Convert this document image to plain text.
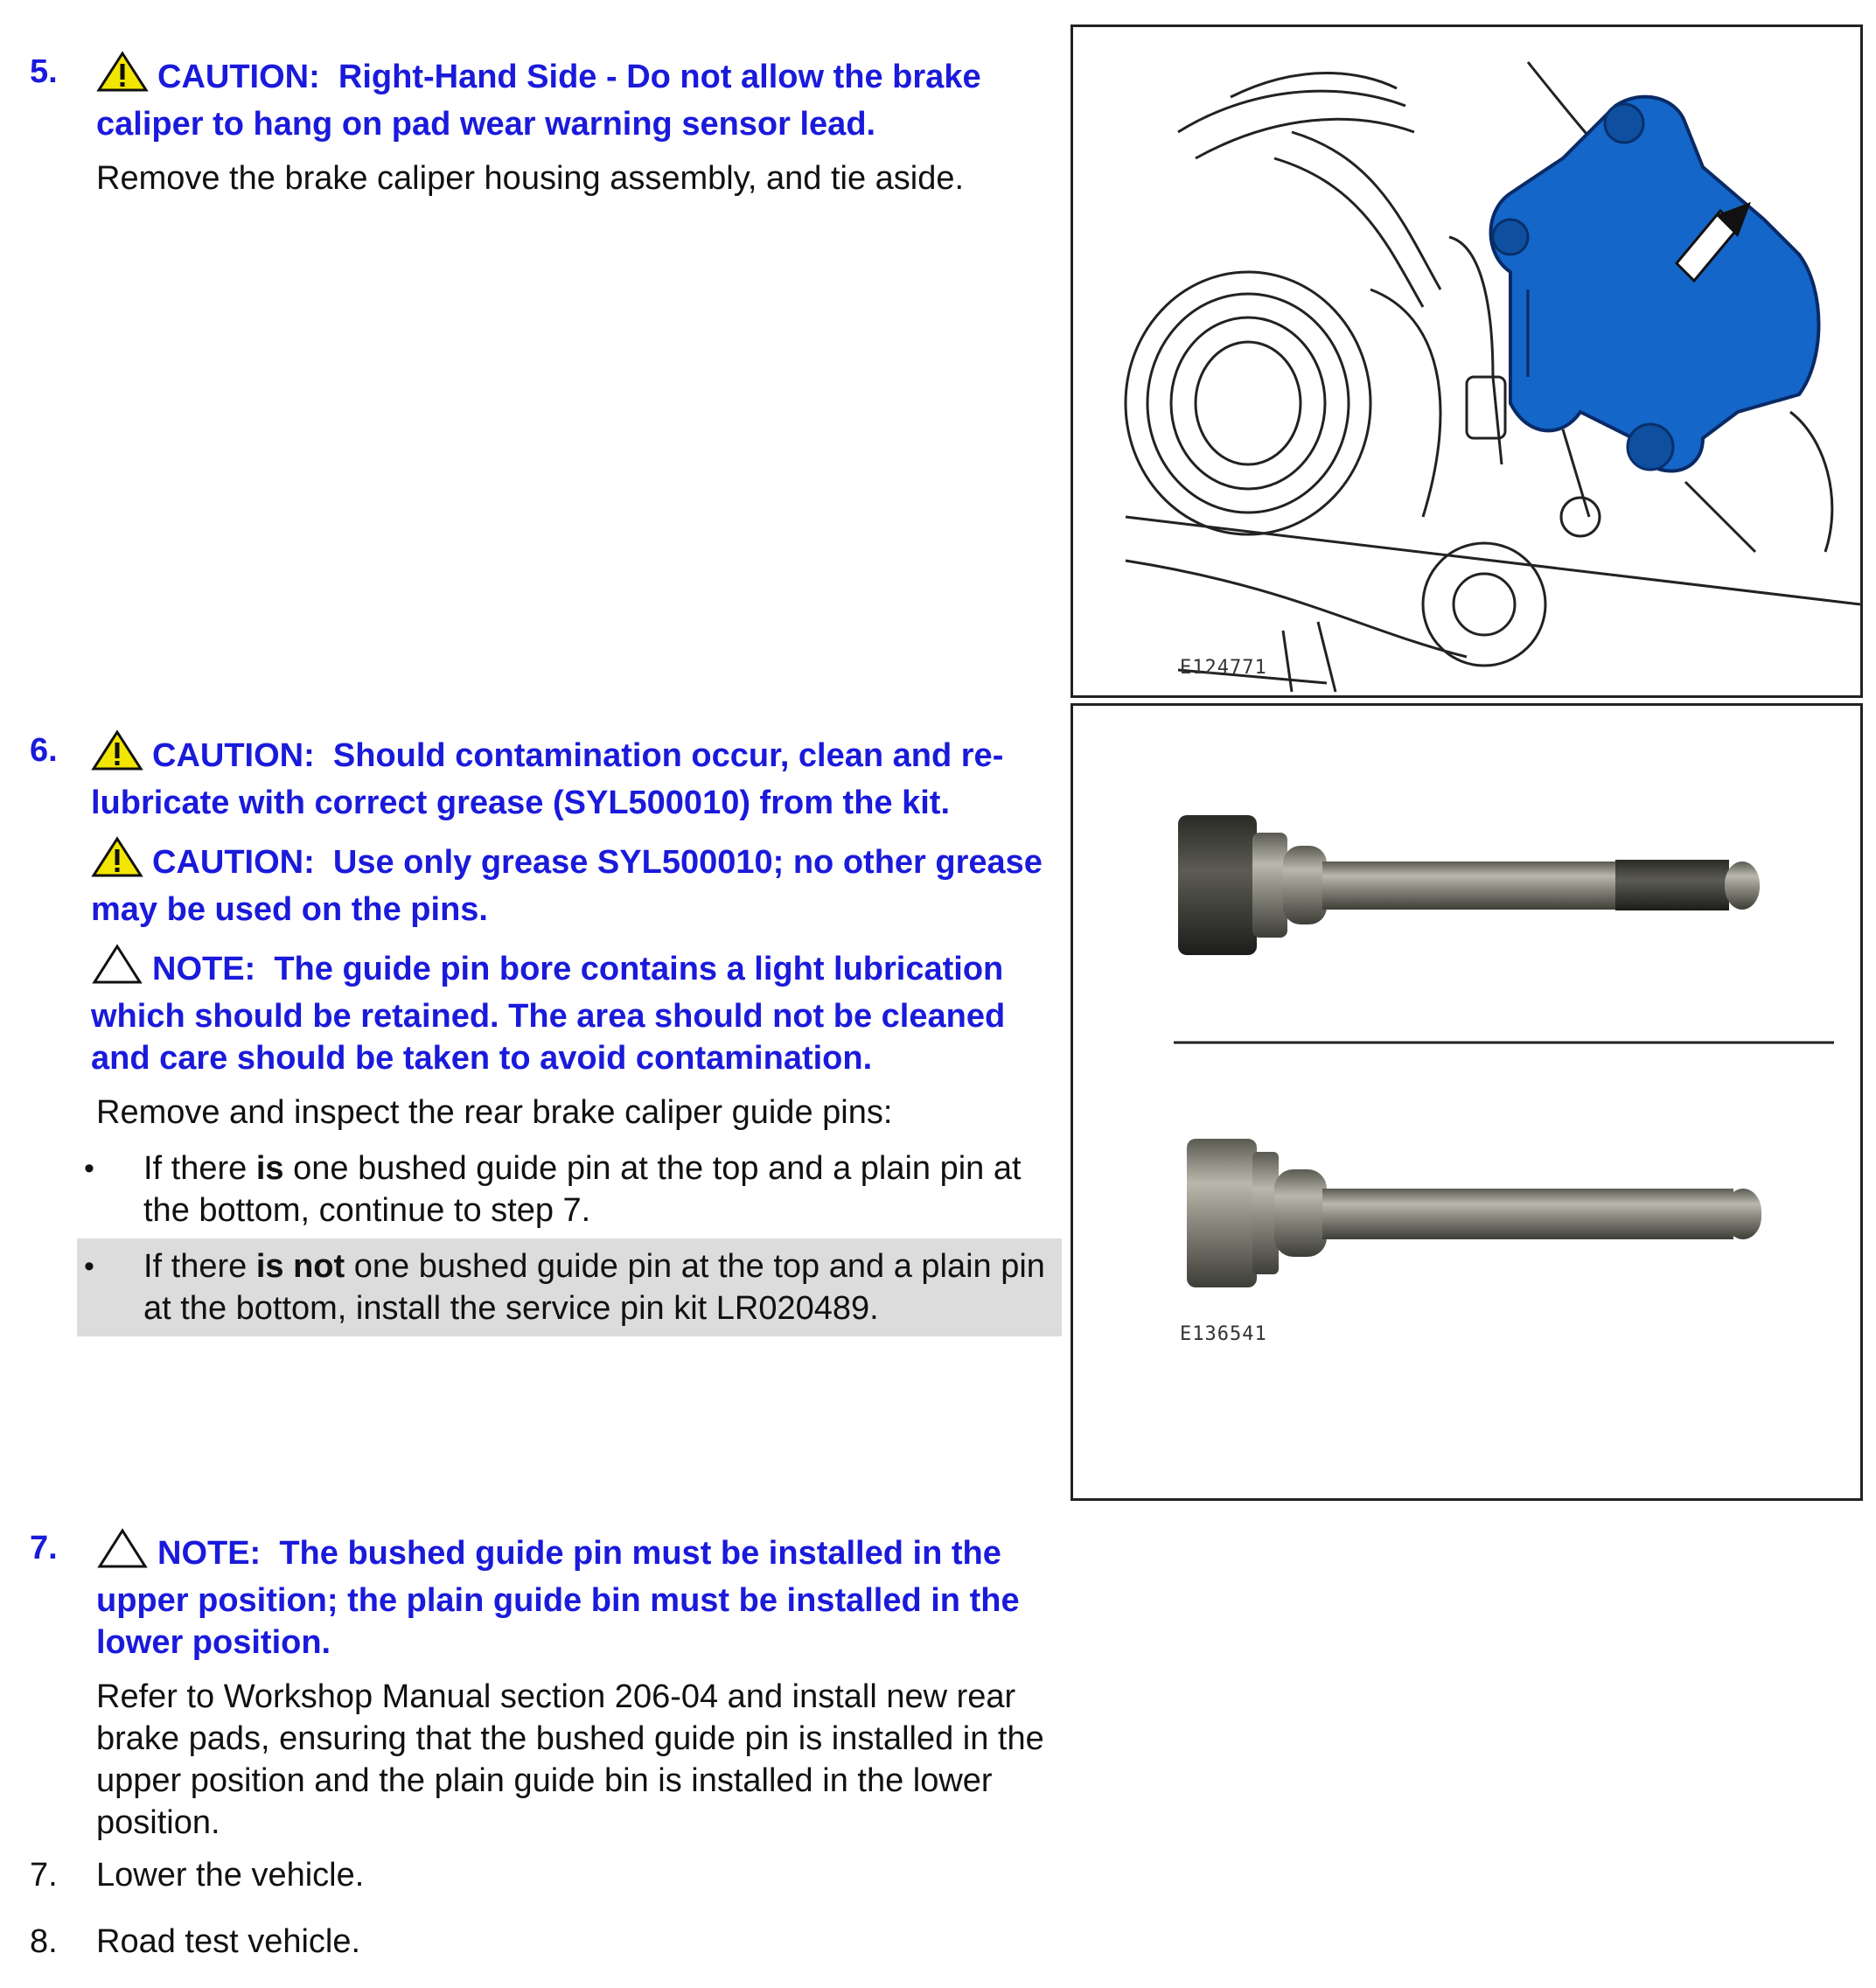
5.	CAUTION: Right-Hand Side - Do not allow the brake caliper to hang on pad wear warning sensor lead.
Remove the brake caliper housing assembly, and tie aside.
E124771
6.	CAUTION: Should contamination occur, clean and re-lubricate with correct grease (SYL500010) from the kit.
CAUTION: Use only grease SYL500010; no other grease may be used on the pins.
NOTE: The guide pin bore contains a light lubrication which should be retained. The area should not be cleaned and care should be taken to avoid contamination.
Remove and inspect the rear brake caliper guide pins:
• If there is one bushed guide pin at the top and a plain pin at the bottom, continue to step 7.
• If there is not one bushed guide pin at the top and a plain pin at the bottom, install the service pin kit LR020489.
E136541
7.	NOTE: The bushed guide pin must be installed in the upper position; the plain guide bin must be installed in the lower position.
Refer to Workshop Manual section 206-04 and install new rear brake pads, ensuring that the bushed guide pin is installed in the upper position and the plain guide bin is installed in the lower position.
7. Lower the vehicle.
8. Road test vehicle.
